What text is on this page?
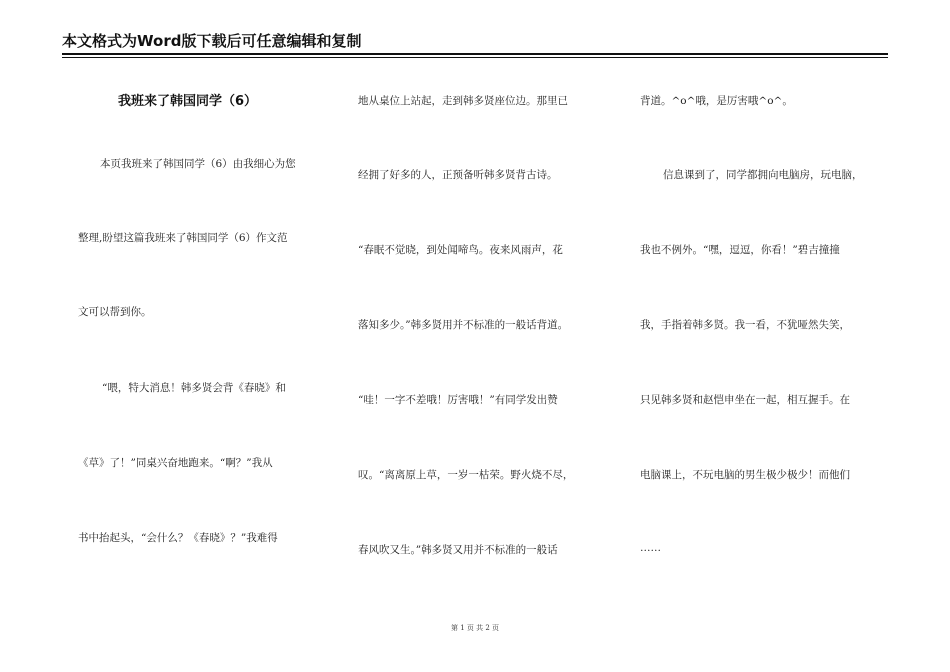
本文格式为Word版下载后可任意编辑和复制
我班来了韩国同学（6）
本页我班来了韩国同学（6）由我细心为您
整理,盼望这篇我班来了韩国同学（6）作文范
文可以帮到你。
“喂，特大消息！韩多贤会背《春晓》和
《草》了！”同桌兴奋地跑来。“啊？”我从
书中抬起头，“会什么？《春晓》？”我难得
地从桌位上站起，走到韩多贤座位边。那里已
经拥了好多的人，正预备听韩多贤背古诗。
“春眠不觉晓，到处闻啼鸟。夜来风雨声，花
落知多少。”韩多贤用并不标准的一般话背道。
“哇！一字不差哦！厉害哦！”有同学发出赞
叹。“离离原上草，一岁一枯荣。野火烧不尽，
春风吹又生。”韩多贤又用并不标准的一般话
背道。^o^哦，是厉害哦^o^。
信息课到了，同学都拥向电脑房，玩电脑，
我也不例外。“嘿，逗逗，你看！”碧吉撞撞
我，手指着韩多贤。我一看，不犹哑然失笑，
只见韩多贤和赵恺申坐在一起，相互握手。在
电脑课上，不玩电脑的男生极少极少！而他们
……
第 1 页 共 2 页
